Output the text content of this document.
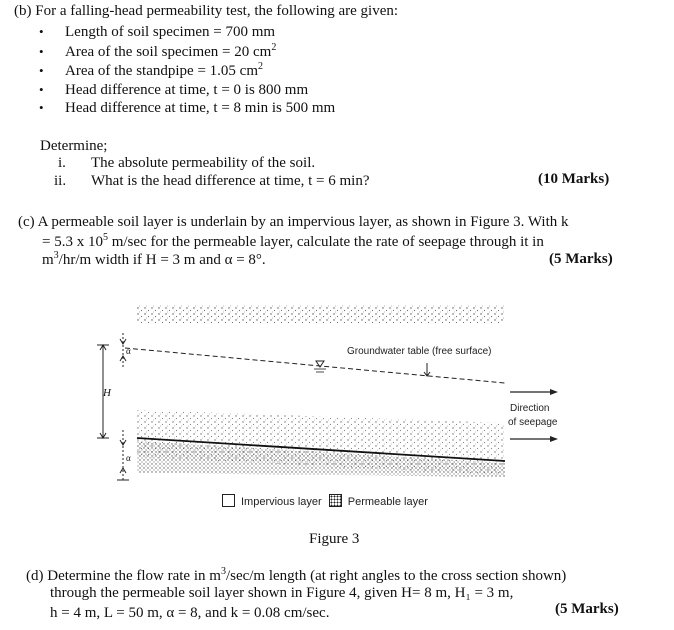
(b) For a falling-head permeability test, the following are given:
• Length of soil specimen = 700 mm
• Area of the soil specimen = 20 $cm^2$
• Area of the standpipe = 1.05 $cm^2$
• Head difference at time, t = 0 is 800 mm
• Head difference at time, t = 8 min is 500 mm
Determine;
i. The absolute permeability of the soil.
ii. What is the head difference at time, t = 6 min?	(10 Marks)
(c) A permeable soil layer is underlain by an impervious layer, as shown in Figure 3. With k
= 5.3 x $10^5$ m/sec for the permeable layer, calculate the rate of seepage through it in
$m^3/hr/m$ width if H = 3 m and α = 8°.	(5 Marks)
Groundwater table (free surface)
Direction
of seepage
H
α
α
Impervious layer Permeable layer
Figure 3
(d) Determine the flow rate in $m^3/\sec/m$ length (at right angles to the cross section shown)
through the permeable soil layer shown in Figure 4, given H= 8 m, H₁ = 3 m,
h = 4 m, L = 50 m, α = 8, and k = 0.08 cm/sec.	(5 Marks)
